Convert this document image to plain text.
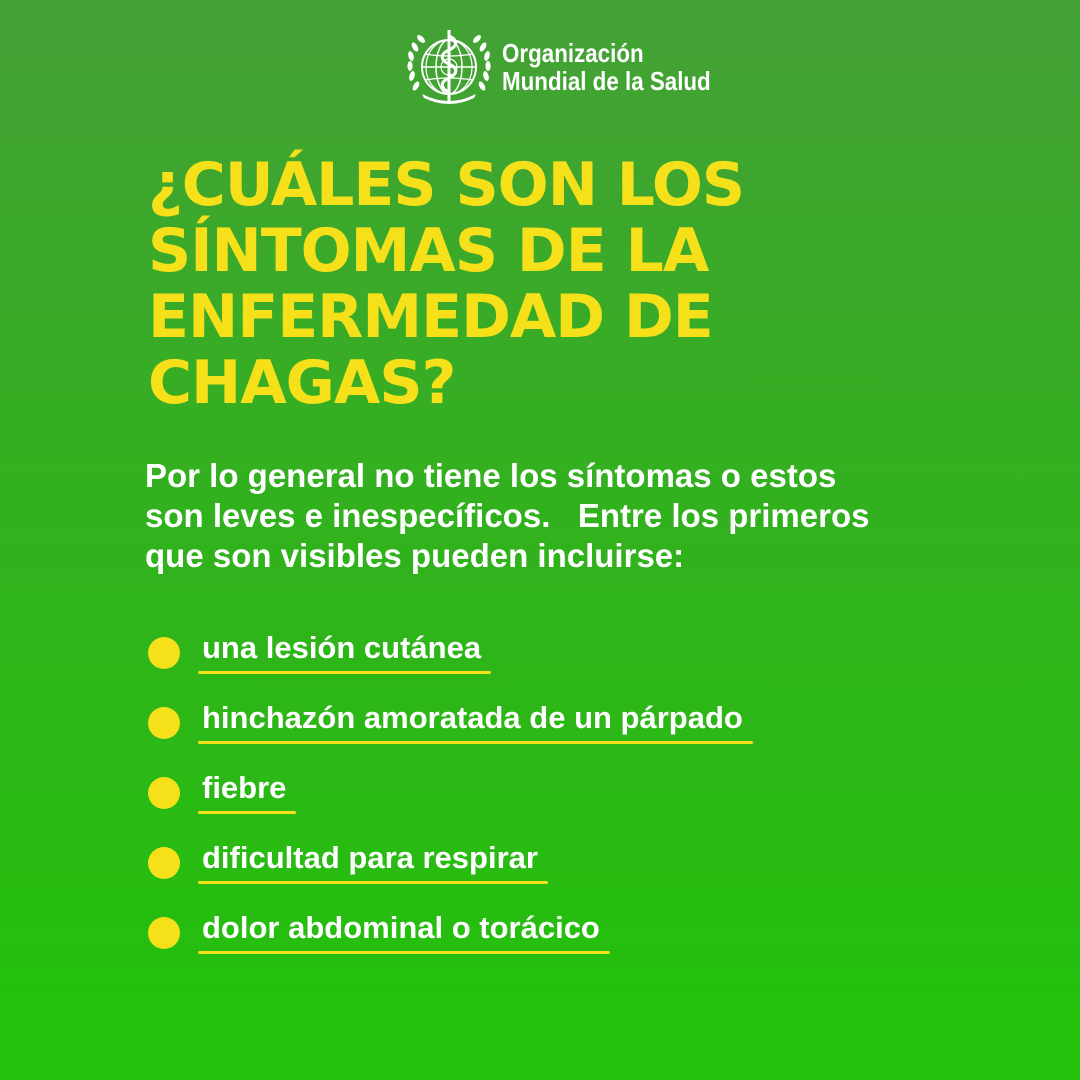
Organización
Mundial de la Salud
¿CUÁLES SON LOS
SÍNTOMAS DE LA
ENFERMEDAD DE
CHAGAS?
Por lo general no tiene los síntomas o estos
son leves e inespecíficos.   Entre los primeros
que son visibles pueden incluirse:
una lesión cutánea
hinchazón amoratada de un párpado
fiebre
dificultad para respirar
dolor abdominal o torácico
